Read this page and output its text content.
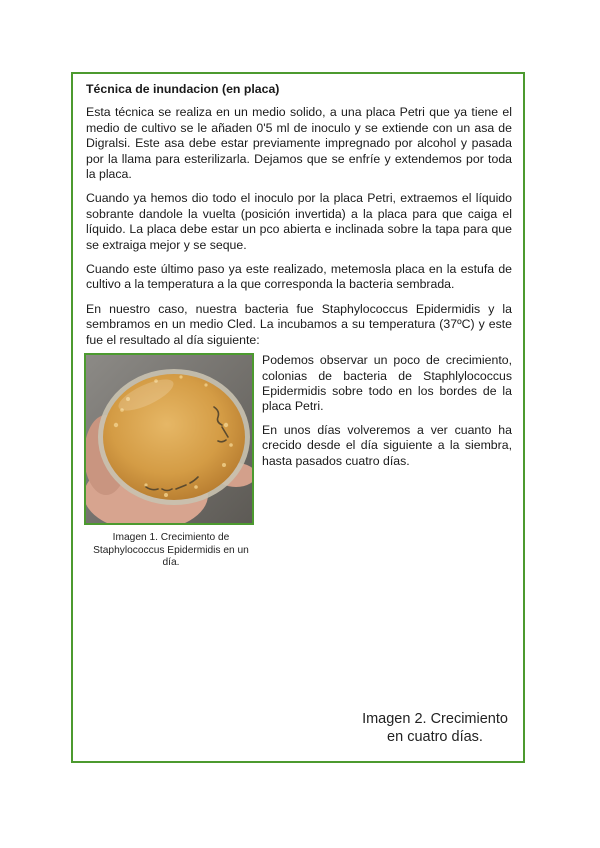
Técnica de inundacion (en placa)

Esta técnica se realiza en un medio solido, a una placa Petri que ya tiene el medio de cultivo se le añaden 0'5 ml de inoculo y se extiende con un asa de Digralsi. Este asa debe estar previamente impregnado por alcohol y pasada por la llama para esterilizarla. Dejamos que se enfríe y extendemos por toda la placa.

Cuando ya hemos dio todo el inoculo por la placa Petri, extraemos el líquido sobrante dandole la vuelta (posición invertida) a la placa para que caiga el líquido. La placa debe estar un pco abierta e inclinada sobre la tapa para que se extraiga mejor y se seque.

Cuando este último paso ya este realizado, metemosla placa en la estufa de cultivo a la temperatura a la que corresponda la bacteria sembrada.

En nuestro caso, nuestra bacteria fue Staphylococcus Epidermidis y la sembramos en un medio Cled. La incubamos a su temperatura (37ºC) y este fue el resultado al día siguiente:

Imagen 1. Crecimiento de Staphylococcus Epidermidis en un día.

Podemos observar un poco de crecimiento, colonias de bacteria de Staphlylococcus Epidermidis sobre todo en los bordes de la placa Petri.

En unos días volveremos a ver cuanto ha crecido desde el día siguiente a la siembra, hasta pasados cuatro días.

Imagen 2. Crecimiento en cuatro días.
